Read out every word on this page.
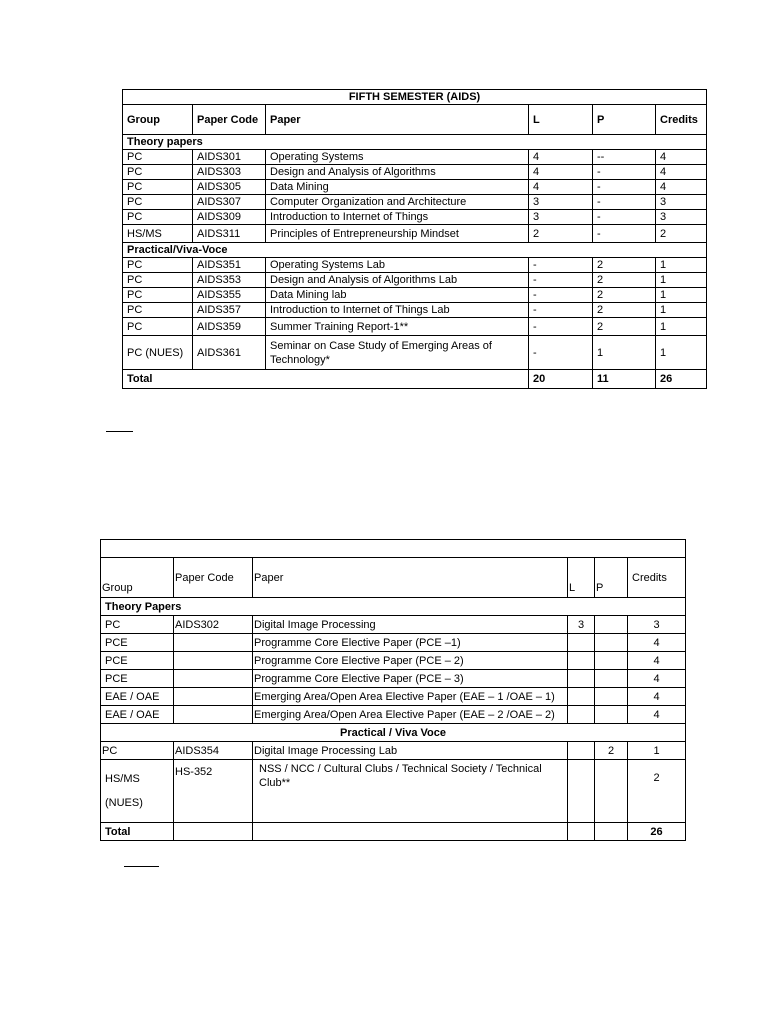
FIFTH SEMESTER (AIDS)					
Group	Paper Code	Paper	L	P	Credits
Theory papers					
PC	AIDS301	Operating Systems	4	--	4
PC	AIDS303	Design and Analysis of Algorithms	4	-	4
PC	AIDS305	Data Mining	4	-	4
PC	AIDS307	Computer Organization and Architecture	3	-	3
PC	AIDS309	Introduction to Internet of Things	3	-	3
HS/MS	AIDS311	Principles of Entrepreneurship Mindset	2	-	2
Practical/Viva-Voce					
PC	AIDS351	Operating Systems Lab	-	2	1
PC	AIDS353	Design and Analysis of Algorithms Lab	-	2	1
PC	AIDS355	Data Mining lab	-	2	1
PC	AIDS357	Introduction to Internet of Things Lab	-	2	1
PC	AIDS359	Summer Training Report-1**	-	2	1
PC (NUES)	AIDS361	Seminar on Case Study of Emerging Areas of Technology*	-	1	1
Total			20	11	26

Group	Paper Code	Paper	L	P	Credits
Theory Papers					
PC	AIDS302	Digital Image Processing	3		3
PCE		Programme Core Elective Paper (PCE –1)			4
PCE		Programme Core Elective Paper (PCE – 2)			4
PCE		Programme Core Elective Paper (PCE – 3)			4
EAE / OAE		Emerging Area/Open Area Elective Paper (EAE – 1 /OAE – 1)			4
EAE / OAE		Emerging Area/Open Area Elective Paper (EAE – 2 /OAE – 2)			4
Practical / Viva Voce					
PC	AIDS354	Digital Image Processing Lab		2	1

HS/MS
(NUES)	HS-352	NSS / NCC / Cultural Clubs / Technical Society / Technical Club**			2
Total					26
